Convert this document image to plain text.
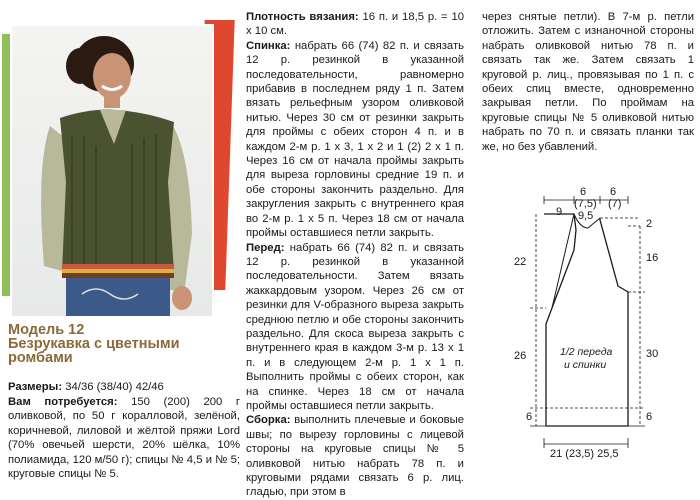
Модель 12
Безрукавка с цветными
ромбами
Размеры: 34/36 (38/40) 42/46
Вам потребуется: 150 (200) 200 г оливковой, по 50 г коралловой, зелёной, коричневой, лиловой и жёлтой пряжи Lord (70% овечьей шерсти, 20% шёлка, 10% полиамида, 120 м/50 г); спицы № 4,5 и № 5; круговые спицы № 5.

Плотность вязания: 16 п. и 18,5 р. = 10 х 10 см.

Спинка: набрать 66 (74) 82 п. и связать 12 р. резинкой в указанной последовательности, равномерно прибавив в последнем ряду 1 п. Затем вязать рельефным узором оливковой нитью. Через 30 см от резинки закрыть для проймы с обеих сторон 4 п. и в каждом 2-м р. 1 х 3, 1 х 2 и 1 (2) 2 х 1 п. Через 16 см от начала проймы закрыть для выреза горловины средние 19 п. и обе стороны закончить раздельно. Для закругления закрыть с внутреннего края во 2-м р. 1 х 5 п. Через 18 см от начала проймы оставшиеся петли закрыть.

Перед: набрать 66 (74) 82 п. и связать 12 р. резинкой в указанной последовательности. Затем вязать жаккардовым узором. Через 26 см от резинки для V-образного выреза закрыть среднюю петлю и обе стороны закончить раздельно. Для скоса выреза закрыть с внутреннего края в каждом 3-м р. 13 х 1 п. и в следующем 2-м р. 1 х 1 п. Выполнить проймы с обеих сторон, как на спинке. Через 18 см от начала проймы оставшиеся петли закрыть.

Сборка: выполнить плечевые и боковые швы; по вырезу горловины с лицевой стороны на круговые спицы № 5 оливковой нитью набрать 78 п. и круговыми рядами связать 6 р. лиц. гладью, при этом в

через снятые петли). В 7-м р. петли отложить. Затем с изнаночной стороны набрать оливковой нитью 78 п. и связать так же. Затем связать 1 круговой р. лиц., провязывая по 1 п. с обеих спиц вместе, одновременно закрывая петли. По проймам на круговые спицы № 5 оливковой нитью набрать по 70 п. и связать планки так же, но без убавлений.

6
(7,5)
9,5
6
(7)
9
2
22	16
26	30
6	6
21 (23,5) 25,5
1/2 переда
и спинки
